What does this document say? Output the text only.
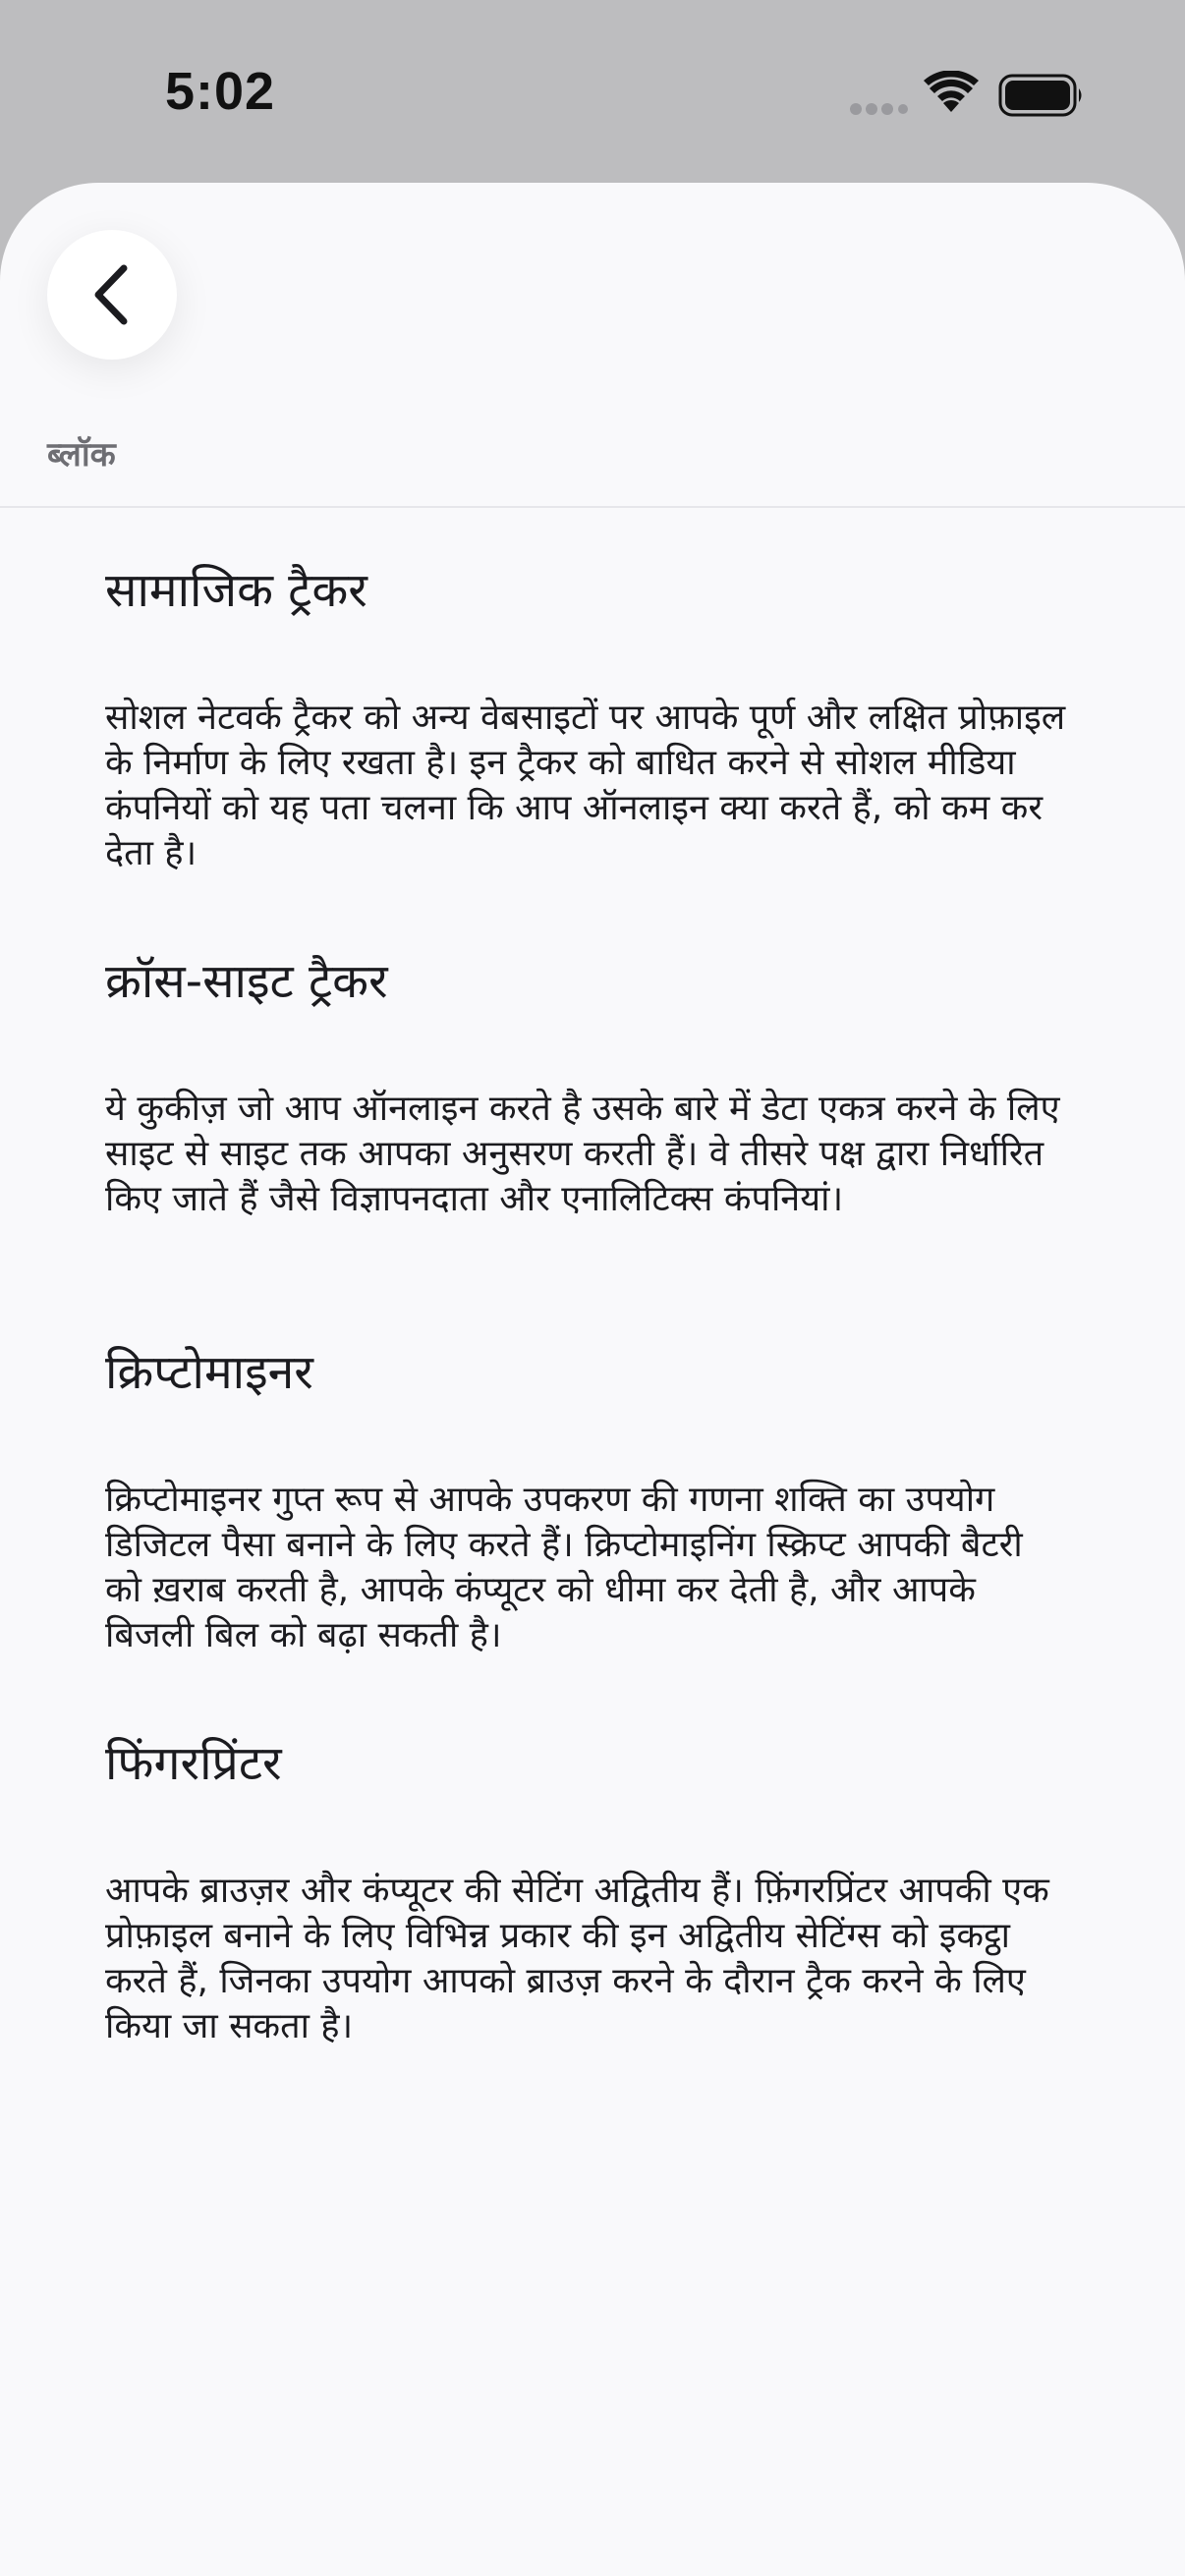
5:02
ब्लॉक
सामाजिक ट्रैकर

सोशल नेटवर्क ट्रैकर को अन्य वेबसाइटों पर आपके पूर्ण और लक्षित प्रोफ़ाइल के निर्माण के लिए रखता है। इन ट्रैकर को बाधित करने से सोशल मीडिया कंपनियों को यह पता चलना कि आप ऑनलाइन क्या करते हैं, को कम कर देता है।

क्रॉस-साइट ट्रैकर

ये कुकीज़ जो आप ऑनलाइन करते है उसके बारे में डेटा एकत्र करने के लिए साइट से साइट तक आपका अनुसरण करती हैं। वे तीसरे पक्ष द्वारा निर्धारित किए जाते हैं जैसे विज्ञापनदाता और एनालिटिक्स कंपनियां।

क्रिप्टोमाइनर

क्रिप्टोमाइनर गुप्त रूप से आपके उपकरण की गणना शक्ति का उपयोग डिजिटल पैसा बनाने के लिए करते हैं। क्रिप्टोमाइनिंग स्क्रिप्ट आपकी बैटरी को ख़राब करती है, आपके कंप्यूटर को धीमा कर देती है, और आपके बिजली बिल को बढ़ा सकती है।

फिंगरप्रिंटर

आपके ब्राउज़र और कंप्यूटर की सेटिंग अद्वितीय हैं। फ़िंगरप्रिंटर आपकी एक प्रोफ़ाइल बनाने के लिए विभिन्न प्रकार की इन अद्वितीय सेटिंग्स को इकट्ठा करते हैं, जिनका उपयोग आपको ब्राउज़ करने के दौरान ट्रैक करने के लिए किया जा सकता है।
